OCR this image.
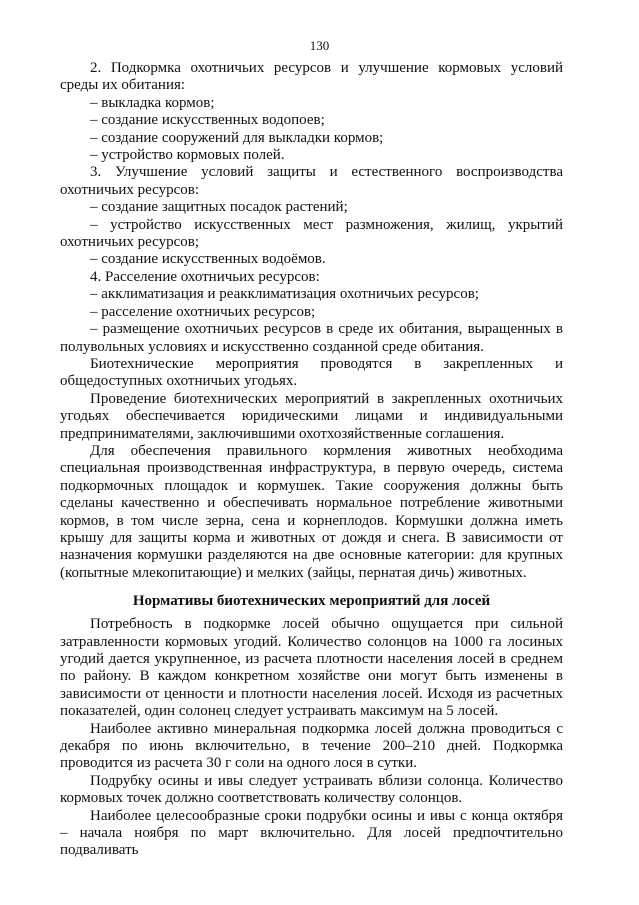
130
2. Подкормка охотничьих ресурсов и улучшение кормовых условий среды их обитания:
– выкладка кормов;
– создание искусственных водопоев;
– создание сооружений для выкладки кормов;
– устройство кормовых полей.
3. Улучшение условий защиты и естественного воспроизводства охотничьих ресурсов:
– создание защитных посадок растений;
– устройство искусственных мест размножения, жилищ, укрытий охотничьих ресурсов;
– создание искусственных водоёмов.
4. Расселение охотничьих ресурсов:
– акклиматизация и реакклиматизация охотничьих ресурсов;
– расселение охотничьих ресурсов;
– размещение охотничьих ресурсов в среде их обитания, выращенных в полувольных условиях и искусственно созданной среде обитания.
Биотехнические мероприятия проводятся в закрепленных и общедоступных охотничьих угодьях.
Проведение биотехнических мероприятий в закрепленных охотничьих угодьях обеспечивается юридическими лицами и индивидуальными предпринимателями, заключившими охотхозяйственные соглашения.
Для обеспечения правильного кормления животных необходима специальная производственная инфраструктура, в первую очередь, система подкормочных площадок и кормушек. Такие сооружения должны быть сделаны качественно и обеспечивать нормальное потребление животными кормов, в том числе зерна, сена и корнеплодов. Кормушки должна иметь крышу для защиты корма и животных от дождя и снега. В зависимости от назначения кормушки разделяются на две основные категории: для крупных (копытные млекопитающие) и мелких (зайцы, пернатая дичь) животных.
Нормативы биотехнических мероприятий для лосей
Потребность в подкормке лосей обычно ощущается при сильной затравленности кормовых угодий. Количество солонцов на 1000 га лосиных угодий дается укрупненное, из расчета плотности населения лосей в среднем по району. В каждом конкретном хозяйстве они могут быть изменены в зависимости от ценности и плотности населения лосей. Исходя из расчетных показателей, один солонец следует устраивать максимум на 5 лосей.
Наиболее активно минеральная подкормка лосей должна проводиться с декабря по июнь включительно, в течение 200–210 дней. Подкормка проводится из расчета 30 г соли на одного лося в сутки.
Подрубку осины и ивы следует устраивать вблизи солонца. Количество кормовых точек должно соответствовать количеству солонцов.
Наиболее целесообразные сроки подрубки осины и ивы с конца октября – начала ноября по март включительно. Для лосей предпочтительно подваливать
